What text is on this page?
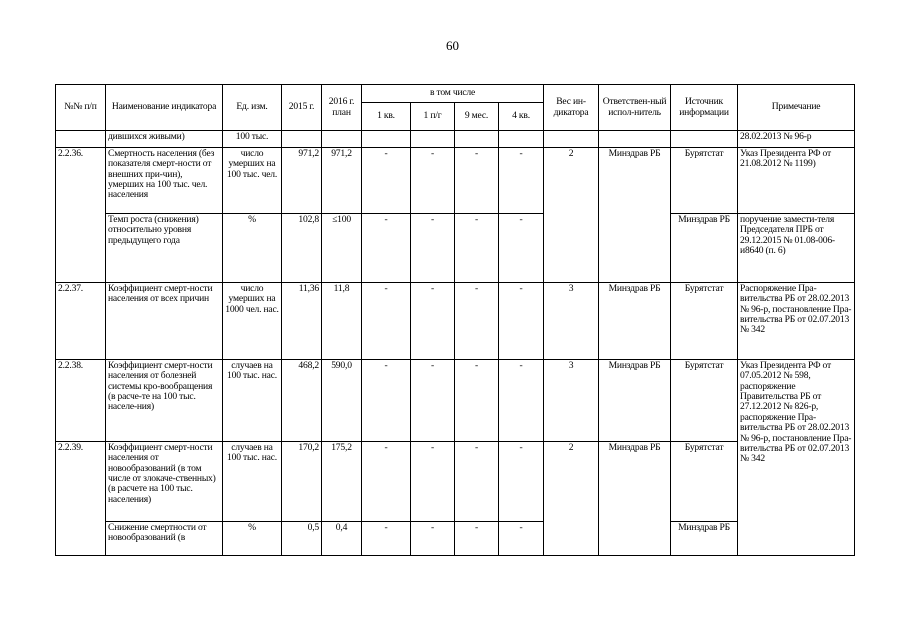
60
№№ п/п	Наименование индикатора	Ед. изм.	2015 г.	2016 г. план	в том числе				Вес ин-дикатора	Ответствен-ный испол-нитель	Источник информации	Примечание
					1 кв.	1 п/г	9 мес.	4 кв.				
	дившихся живыми)	100 тыс.										28.02.2013 № 96-р
2.2.36.	Смертность населения (без показателя смерт-ности от внешних при-чин), умерших на 100 тыс. чел. населения	число умерших на 100 тыс. чел.	971,2	971,2	-	-	-	-	2	Минздрав РБ	Бурятстат	Указ Президента РФ от 21.08.2012 № 1199)
	Темп роста (снижения) относительно уровня предыдущего года	%	102,8	≤100	-	-	-	-			Минздрав РБ	поручение замести-теля Председателя ПРБ от 29.12.2015 № 01.08-006-и8640 (п. 6)
2.2.37.	Коэффициент смерт-ности населения от всех причин	число умерших на 1000 чел. нас.	11,36	11,8	-	-	-	-	3	Минздрав РБ	Бурятстат	Распоряжение Пра-вительства РБ от 28.02.2013 № 96-р, постановление Пра-вительства РБ от 02.07.2013 № 342
2.2.38.	Коэффициент смерт-ности населения от болезней системы кро-вообращения (в расче-те на 100 тыс. населе-ния)	случаев на 100 тыс. нас.	468,2	590,0	-	-	-	-	3	Минздрав РБ	Бурятстат	Указ Президента РФ от 07.05.2012 № 598, распоряжение Правительства РБ от 27.12.2012 № 826-р, распоряжение Пра-вительства РБ от 28.02.2013 № 96-р, постановление Пра-вительства РБ от 02.07.2013 № 342
2.2.39.	Коэффициент смерт-ности населения от новообразований (в том числе от злокаче-ственных) (в расчете на 100 тыс. населения)	случаев на 100 тыс. нас.	170,2	175,2	-	-	-	-	2	Минздрав РБ	Бурятстат	
	Снижение смертности от новообразований (в	%	0,5	0,4	-	-	-	-			Минздрав РБ	
